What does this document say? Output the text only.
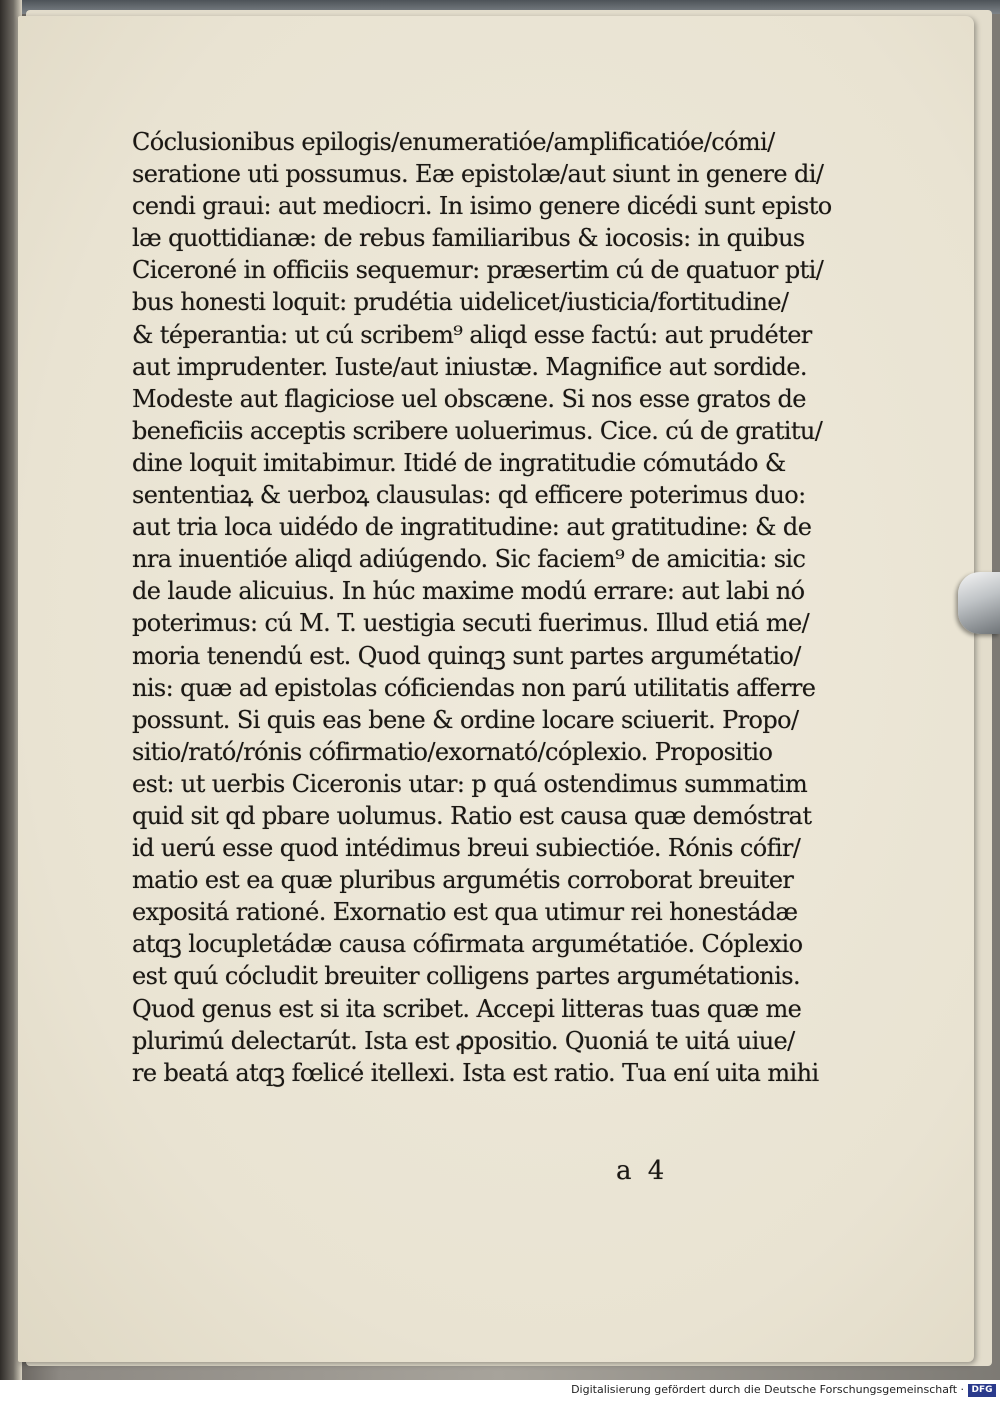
Cóclusionibus epilogis/enumeratióe/amplificatióe/cómi/
seratione uti possumus. Eæ epistolæ/aut siunt in genere di/
cendi graui: aut mediocri. In isimo genere dicédi sunt episto
læ quottidianæ: de rebus familiaribus & iocosis: in quibus
Ciceroné in officiis sequemur: præsertim cú de quatuor pti/
bus honesti loquit: prudétia uidelicet/iusticia/fortitudine/
& téperantia: ut cú scribem⁹ aliqd esse factú: aut prudéter
aut imprudenter. Iuste/aut iniustæ. Magnifice aut sordide.
Modeste aut flagiciose uel obscæne. Si nos esse gratos de
beneficiis acceptis scribere uoluerimus. Cice. cú de gratitu/
dine loquit imitabimur. Itidé de ingratitudie cómutádo &
sententiaꝝ & uerboꝝ clausulas: qd efficere poterimus duo:
aut tria loca uidédo de ingratitudine: aut gratitudine: & de
nra inuentióe aliqd adiúgendo. Sic faciem⁹ de amicitia: sic
de laude alicuius. In húc maxime modú errare: aut labi nó
poterimus: cú M. T. uestigia secuti fuerimus. Illud etiá me/
moria tenendú est. Quod quinqꝫ sunt partes argumétatio/
nis: quæ ad epistolas cóficiendas non parú utilitatis afferre
possunt. Si quis eas bene & ordine locare sciuerit. Propo/
sitio/rató/rónis cófirmatio/exornató/cóplexio. Propositio
est: ut uerbis Ciceronis utar: p quá ostendimus summatim
quid sit qd pbare uolumus. Ratio est causa quæ demóstrat
id uerú esse quod intédimus breui subiectióe. Rónis cófir/
matio est ea quæ pluribus argumétis corroborat breuiter
expositá rationé. Exornatio est qua utimur rei honestádæ
atqꝫ locupletádæ causa cófirmata argumétatióe. Cóplexio
est quú cócludit breuiter colligens partes argumétationis.
Quod genus est si ita scribet. Accepi litteras tuas quæ me
plurimú delectarút. Ista est ꝓpositio. Quoniá te uitá uiue/
re beatá atqꝫ fœlicé itellexi. Ista est ratio. Tua ení uita mihi
a 4
Digitalisierung gefördert durch die Deutsche Forschungsgemeinschaft · DFG
